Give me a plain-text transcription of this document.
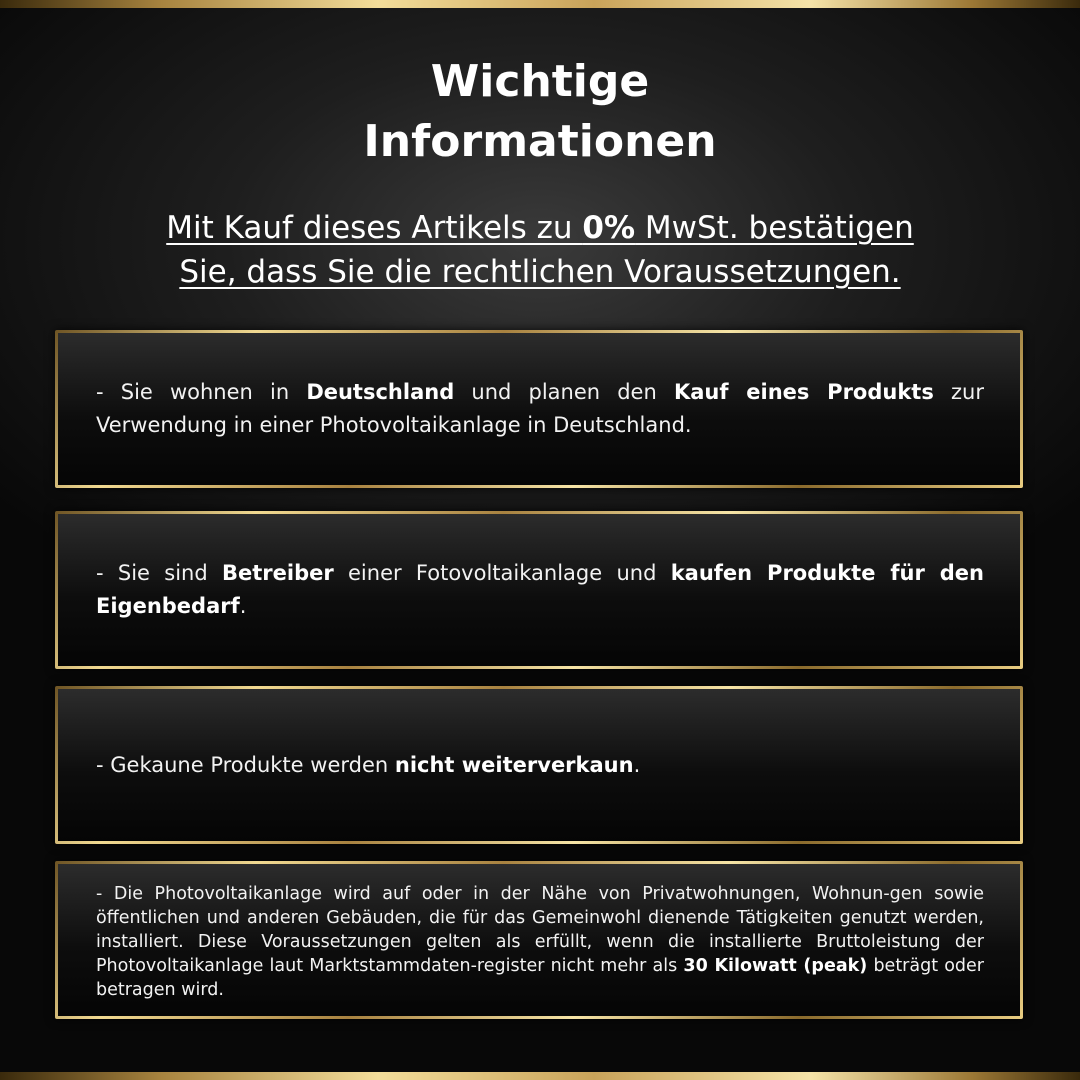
Wichtige
Informationen

Mit Kauf dieses Artikels zu 0% MwSt. bestätigen
Sie, dass Sie die rechtlichen Voraussetzungen.

- Sie wohnen in Deutschland und planen den Kauf eines Produkts zur Verwendung in einer Photovoltaikanlage in Deutschland.

- Sie sind Betreiber einer Fotovoltaikanlage und kaufen Produkte für den Eigenbedarf.

- Gekaune Produkte werden nicht weiterverkaun.

- Die Photovoltaikanlage wird auf oder in der Nähe von Privatwohnungen, Wohnun-gen sowie öffentlichen und anderen Gebäuden, die für das Gemeinwohl dienende Tätigkeiten genutzt werden, installiert. Diese Voraussetzungen gelten als erfüllt, wenn die installierte Bruttoleistung der Photovoltaikanlage laut Marktstammdaten-register nicht mehr als 30 Kilowatt (peak) beträgt oder betragen wird.
